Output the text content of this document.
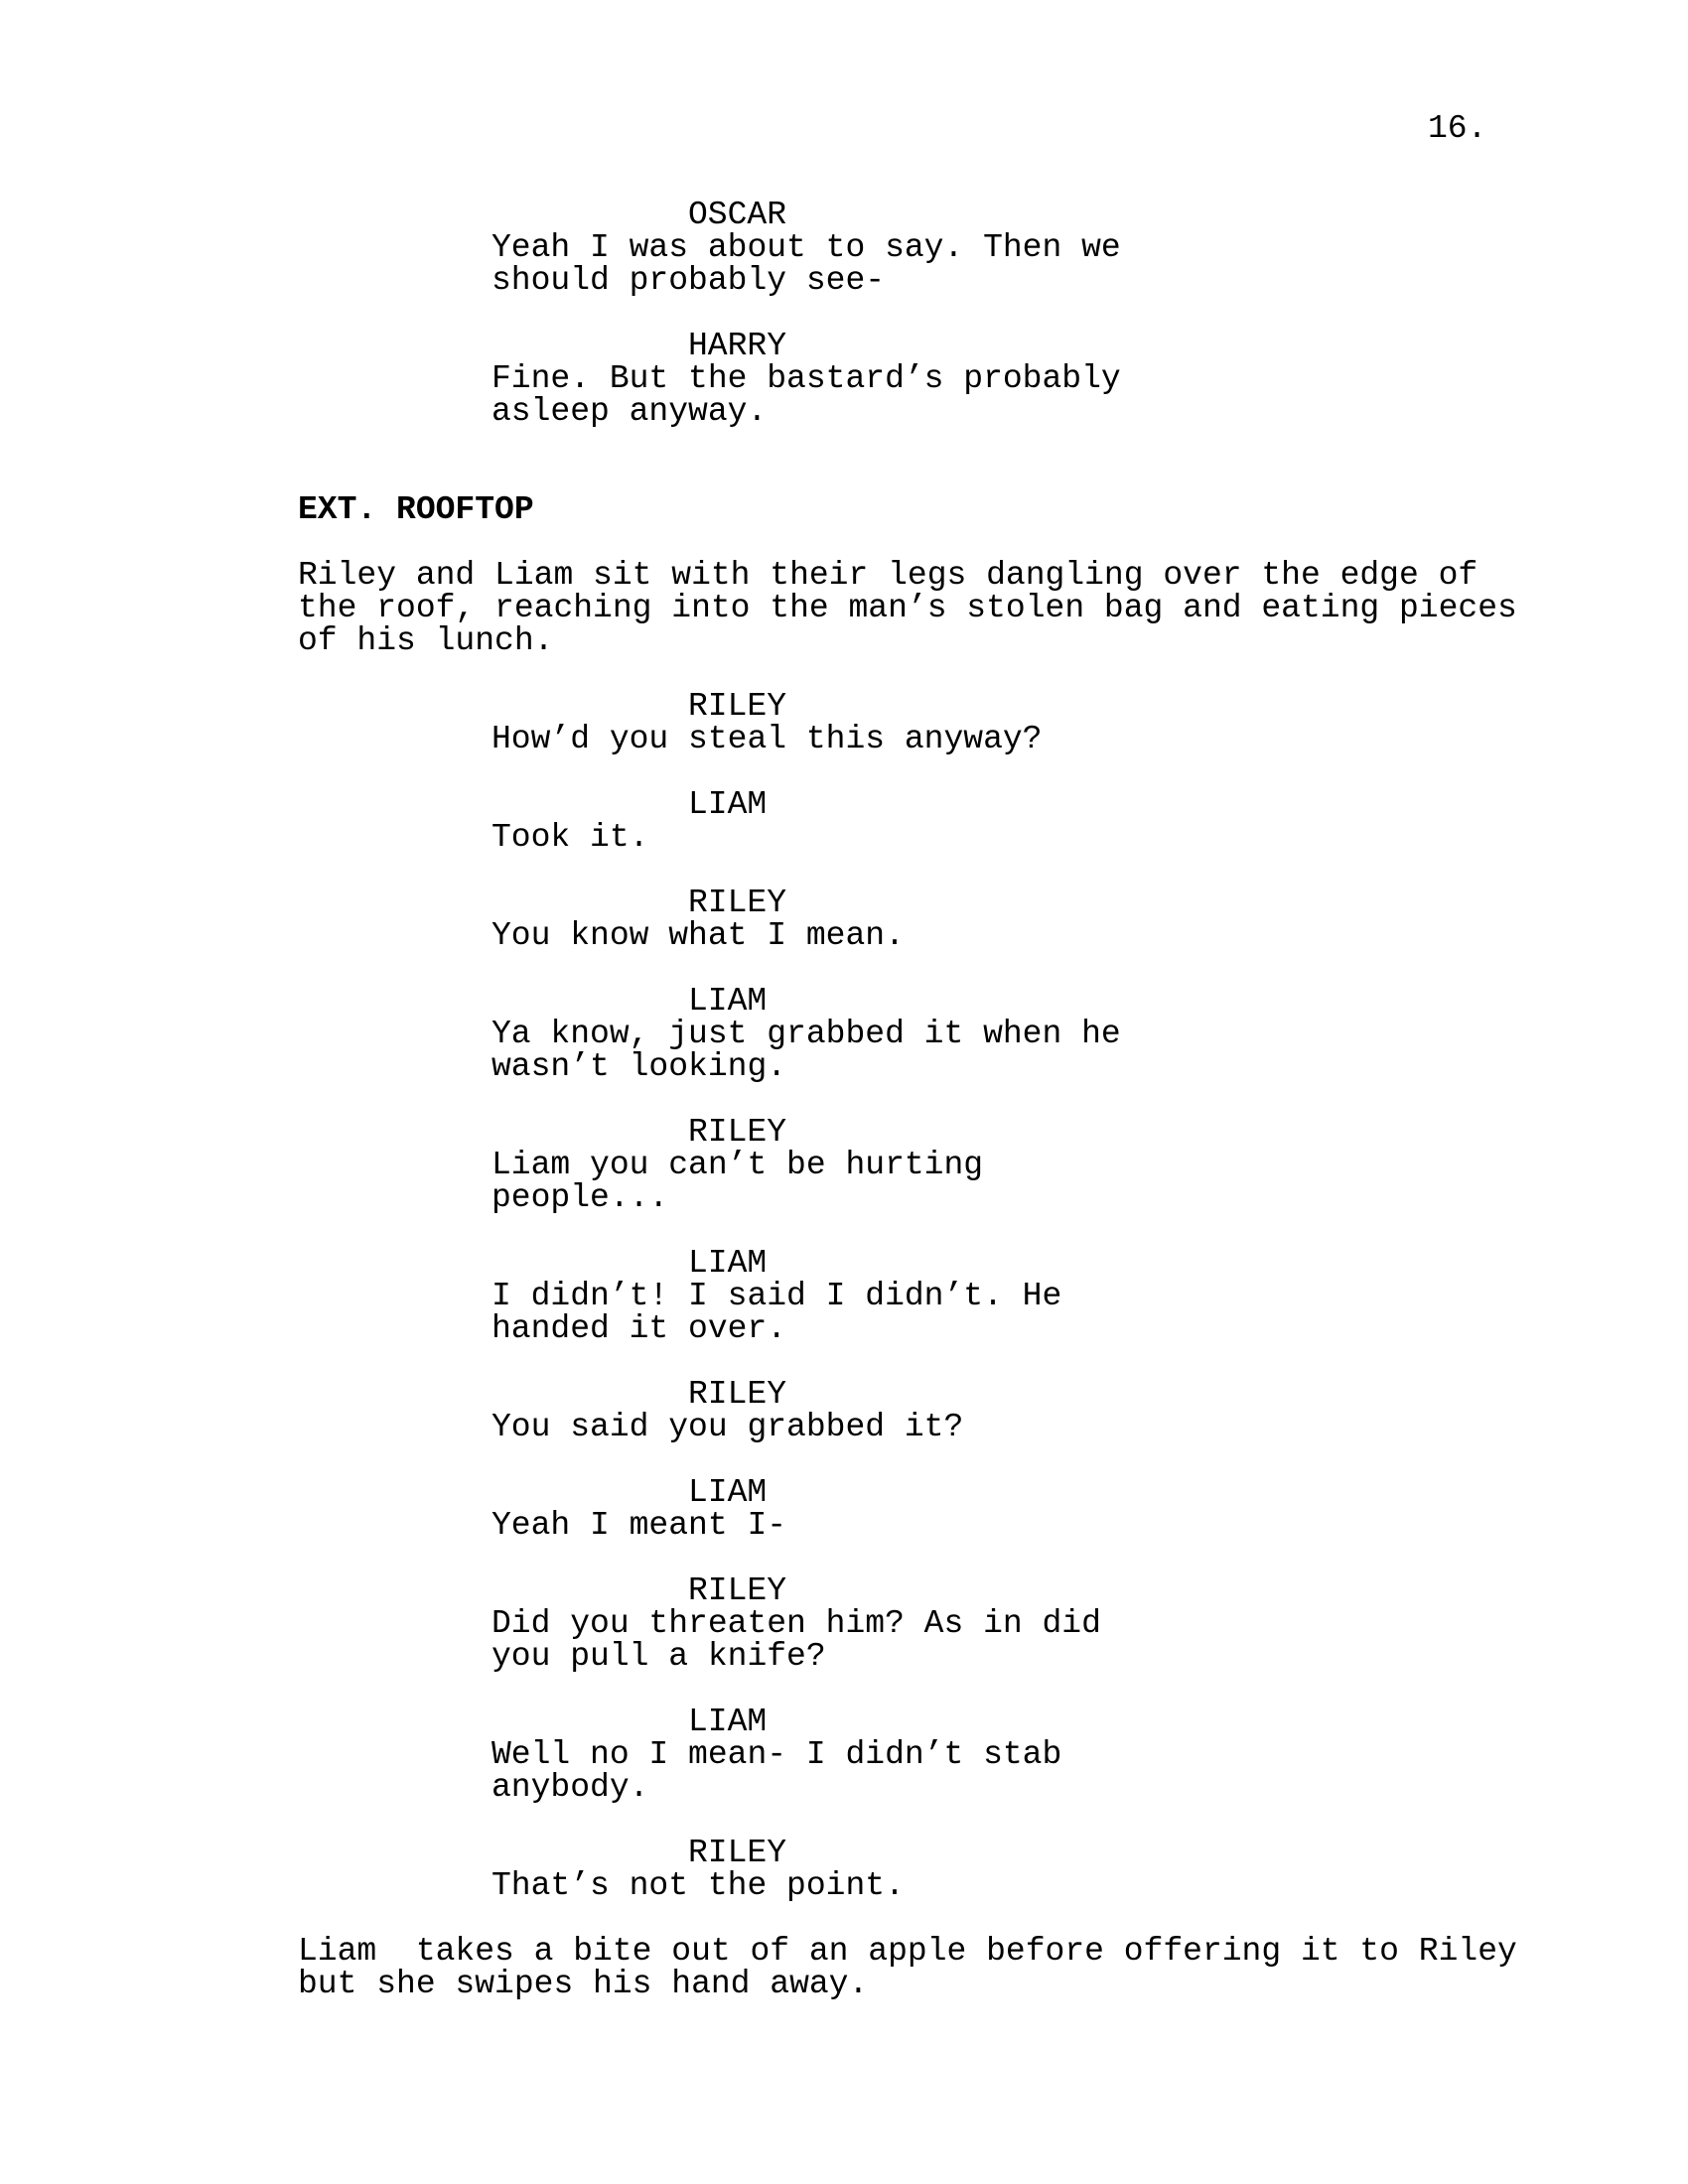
16.
OSCAR
Yeah I was about to say. Then we
should probably see-
HARRY
Fine. But the bastard’s probably
asleep anyway.
EXT. ROOFTOP
Riley and Liam sit with their legs dangling over the edge of
the roof, reaching into the man’s stolen bag and eating pieces
of his lunch.
RILEY
How’d you steal this anyway?
LIAM
Took it.
RILEY
You know what I mean.
LIAM
Ya know, just grabbed it when he
wasn’t looking.
RILEY
Liam you can’t be hurting
people...
LIAM
I didn’t! I said I didn’t. He
handed it over.
RILEY
You said you grabbed it?
LIAM
Yeah I meant I-
RILEY
Did you threaten him? As in did
you pull a knife?
LIAM
Well no I mean- I didn’t stab
anybody.
RILEY
That’s not the point.
Liam  takes a bite out of an apple before offering it to Riley
but she swipes his hand away.
